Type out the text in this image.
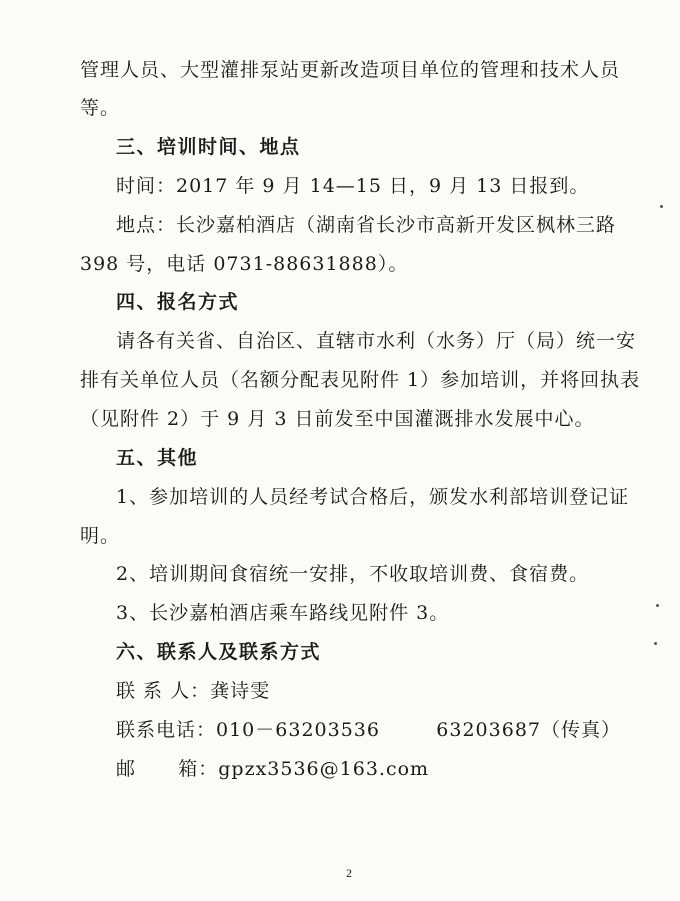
管理人员、大型灌排泵站更新改造项目单位的管理和技术人员
等。
三、培训时间、地点
时间：2017 年 9 月 14—15 日，9 月 13 日报到。
地点：长沙嘉柏酒店（湖南省长沙市高新开发区枫林三路
398 号，电话 0731-88631888）。
四、报名方式
请各有关省、自治区、直辖市水利（水务）厅（局）统一安
排有关单位人员（名额分配表见附件 1）参加培训，并将回执表
（见附件 2）于 9 月 3 日前发至中国灌溉排水发展中心。
五、其他
1、参加培训的人员经考试合格后，颁发水利部培训登记证
明。
2、培训期间食宿统一安排，不收取培训费、食宿费。
3、长沙嘉柏酒店乘车路线见附件 3。
六、联系人及联系方式
联 系 人：龚诗雯
联系电话：010－63203536        63203687（传真）
邮      箱：gpzx3536@163.com
2
